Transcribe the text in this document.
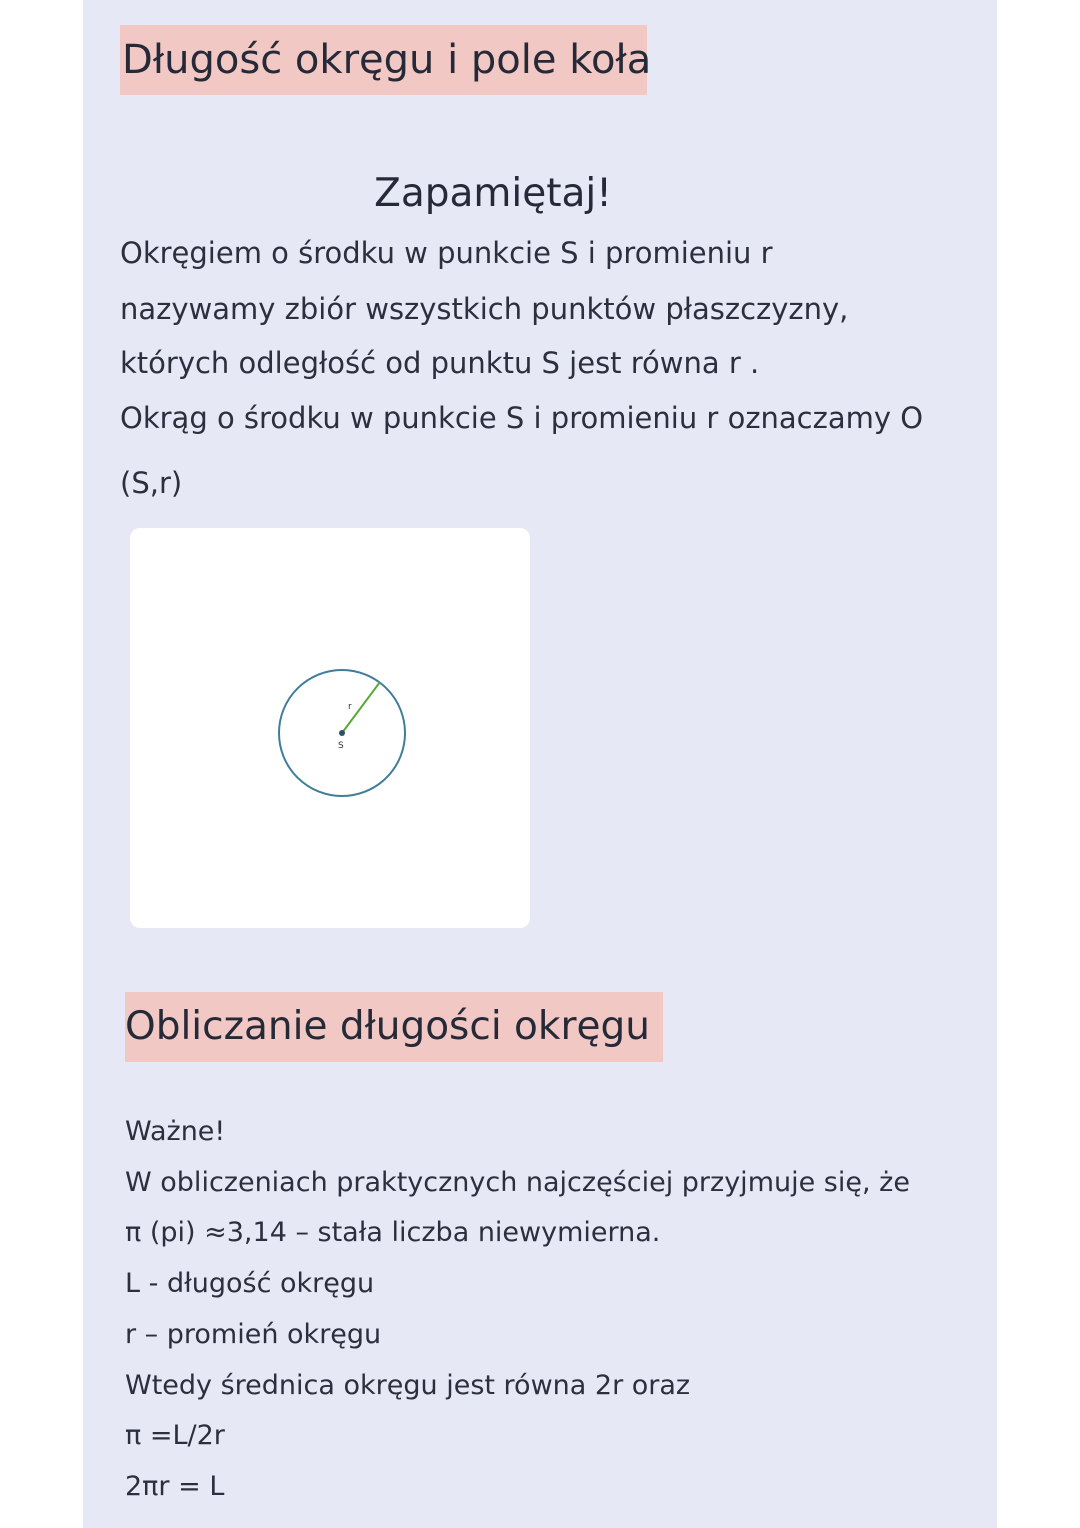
Długość okręgu i pole koła
Zapamiętaj!
Okręgiem o środku w punkcie S i promieniu r
nazywamy zbiór wszystkich punktów płaszczyzny,
których odległość od punktu S jest równa r .
Okrąg o środku w punkcie S i promieniu r oznaczamy O
(S,r)
S
r
Obliczanie długości okręgu
Ważne!
W obliczeniach praktycznych najczęściej przyjmuje się, że
π (pi) ≈3,14 – stała liczba niewymierna.
L - długość okręgu
r – promień okręgu
Wtedy średnica okręgu jest równa 2r oraz
π =L/2r
2πr = L
